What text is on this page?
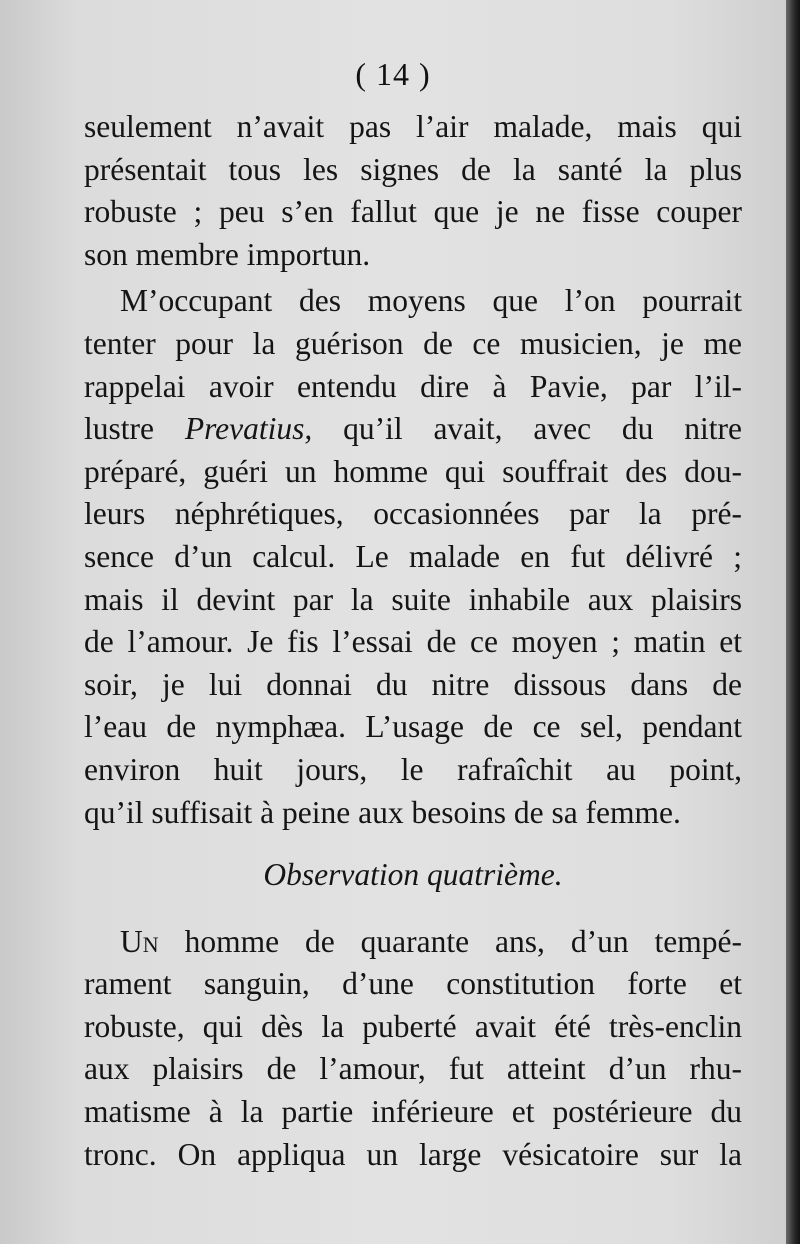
( 14 )
seulement n’avait pas l’air malade, mais qui
présentait tous les signes de la santé la plus
robuste ; peu s’en fallut que je ne fisse couper
son membre importun.
M’occupant des moyens que l’on pourrait
tenter pour la guérison de ce musicien, je me
rappelai avoir entendu dire à Pavie, par l’il-
lustre Prevatius, qu’il avait, avec du nitre
préparé, guéri un homme qui souffrait des dou-
leurs néphrétiques, occasionnées par la pré-
sence d’un calcul. Le malade en fut délivré ;
mais il devint par la suite inhabile aux plaisirs
de l’amour. Je fis l’essai de ce moyen ; matin et
soir, je lui donnai du nitre dissous dans de
l’eau de nymphæa. L’usage de ce sel, pendant
environ huit jours, le rafraîchit au point,
qu’il suffisait à peine aux besoins de sa femme.
Observation quatrième.
Un homme de quarante ans, d’un tempé-
rament sanguin, d’une constitution forte et
robuste, qui dès la puberté avait été très-enclin
aux plaisirs de l’amour, fut atteint d’un rhu-
matisme à la partie inférieure et postérieure du
tronc. On appliqua un large vésicatoire sur la
